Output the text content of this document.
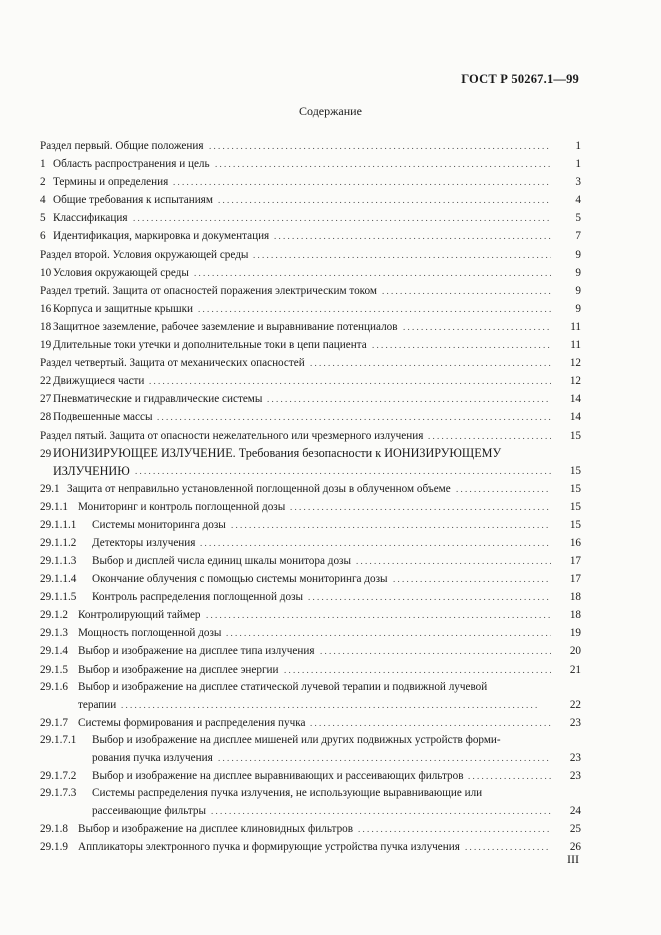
ГОСТ Р 50267.1—99
Содержание
Раздел первый. Общие положения	1
. . .
1 Область распространения и цель	1
. . .
2 Термины и определения	3
. . .
4 Общие требования к испытаниям	4
. . .
5 Классификация	5
. . .
6 Идентификация, маркировка и документация	7
. . .
Раздел второй. Условия окружающей среды	9
. . .
10 Условия окружающей среды	9
. . .
Раздел третий. Защита от опасностей поражения электрическим током	9
. . .
16 Корпуса и защитные крышки	9
. . .
18 Защитное заземление, рабочее заземление и выравнивание потенциалов	11
. . .
19 Длительные токи утечки и дополнительные токи в цепи пациента	11
. . .
Раздел четвертый. Защита от механических опасностей	12
. . .
22 Движущиеся части	12
. . .
27 Пневматические и гидравлические системы	14
. . .
28 Подвешенные массы	14
. . .
Раздел пятый. Защита от опасности нежелательного или чрезмерного излучения	15
. . .
29 ИОНИЗИРУЮЩЕЕ ИЗЛУЧЕНИЕ. Требования безопасности к ИОНИЗИРУЮЩЕМУ
ИЗЛУЧЕНИЮ	15
. . .
29.1 Защита от неправильно установленной поглощенной дозы в облученном объеме	15
. . .
29.1.1 Мониторинг и контроль поглощенной дозы	15
. . .
29.1.1.1 Системы мониторинга дозы	15
. . .
29.1.1.2 Детекторы излучения	16
. . .
29.1.1.3 Выбор и дисплей числа единиц шкалы монитора дозы	17
. . .
29.1.1.4 Окончание облучения с помощью системы мониторинга дозы	17
. . .
29.1.1.5 Контроль распределения поглощенной дозы	18
. . .
29.1.2 Контролирующий таймер	18
. . .
29.1.3 Мощность поглощенной дозы	19
. . .
29.1.4 Выбор и изображение на дисплее типа излучения	20
. . .
29.1.5 Выбор и изображение на дисплее энергии	21
. . .
29.1.6 Выбор и изображение на дисплее статической лучевой терапии и подвижной лучевой
терапии	22
. . .
29.1.7 Системы формирования и распределения пучка	23
. . .
29.1.7.1 Выбор и изображение на дисплее мишеней или других подвижных устройств форми-
рования пучка излучения	23
. . .
29.1.7.2 Выбор и изображение на дисплее выравнивающих и рассеивающих фильтров	23
. . .
29.1.7.3 Системы распределения пучка излучения, не использующие выравнивающие или
рассеивающие фильтры	24
. . .
29.1.8 Выбор и изображение на дисплее клиновидных фильтров	25
. . .
29.1.9 Аппликаторы электронного пучка и формирующие устройства пучка излучения	26
. . .
III
